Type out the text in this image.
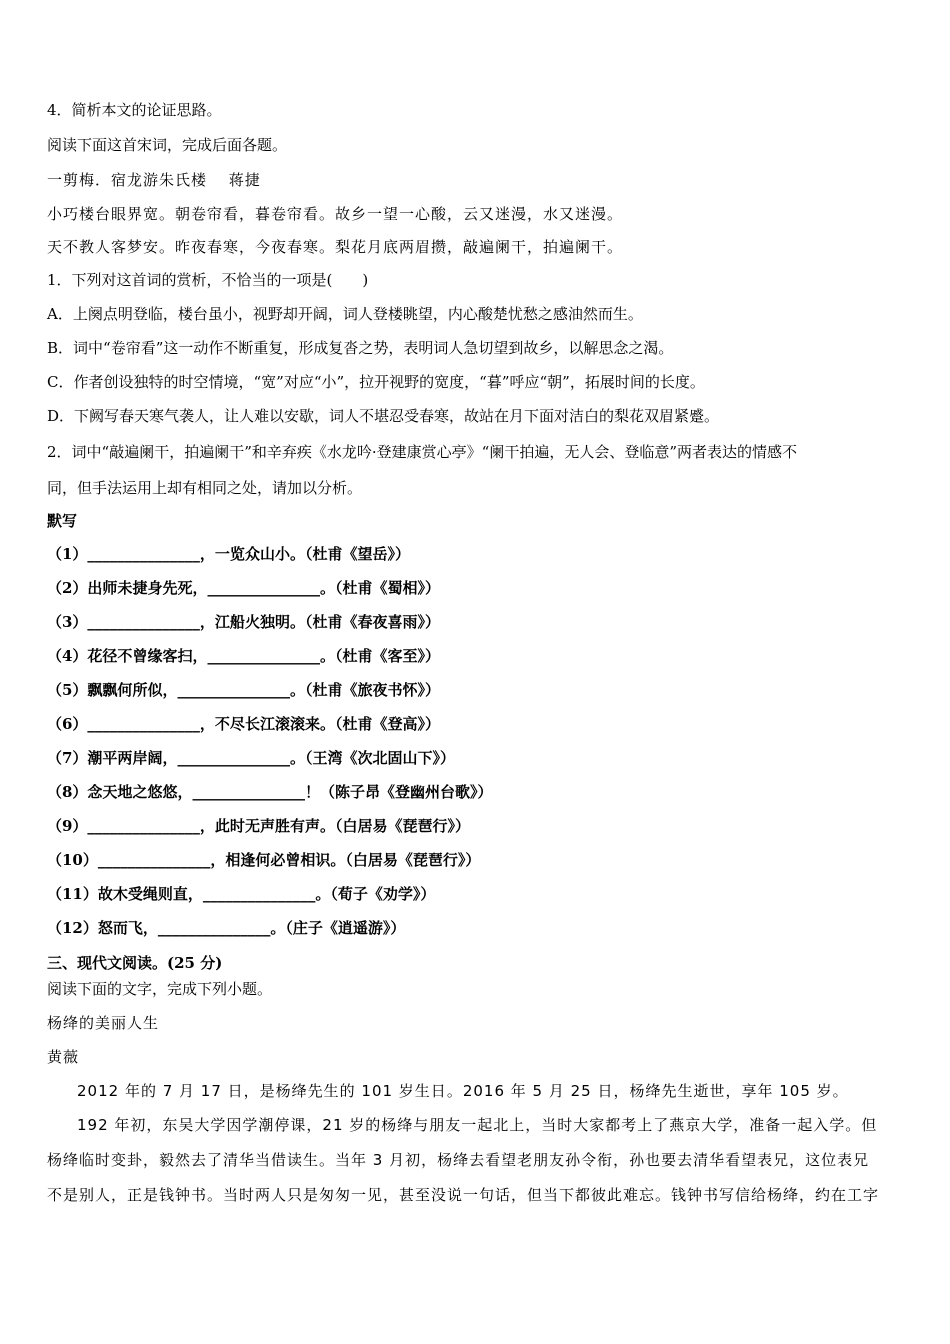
4．简析本文的论证思路。
阅读下面这首宋词，完成后面各题。
一剪梅．宿龙游朱氏楼　 蒋捷
小巧楼台眼界宽。朝卷帘看，暮卷帘看。故乡一望一心酸，云又迷漫，水又迷漫。
天不教人客梦安。昨夜春寒，今夜春寒。梨花月底两眉攒，敲遍阑干，拍遍阑干。
1．下列对这首词的赏析，不恰当的一项是(　　)
A．上阕点明登临，楼台虽小，视野却开阔，词人登楼眺望，内心酸楚忧愁之感油然而生。
B．词中“卷帘看”这一动作不断重复，形成复沓之势，表明词人急切望到故乡，以解思念之渴。
C．作者创设独特的时空情境，“宽”对应“小”，拉开视野的宽度，“暮”呼应“朝”，拓展时间的长度。
D．下阙写春天寒气袭人，让人难以安歇，词人不堪忍受春寒，故站在月下面对洁白的梨花双眉紧蹙。
2．词中“敲遍阑干，拍遍阑干”和辛弃疾《水龙吟·登建康赏心亭》“阑干拍遍，无人会、登临意”两者表达的情感不
同，但手法运用上却有相同之处，请加以分析。
默写
（1）_______________，一览众山小。（杜甫《望岳》）
（2）出师未捷身先死，_______________。（杜甫《蜀相》）
（3）_______________，江船火独明。（杜甫《春夜喜雨》）
（4）花径不曾缘客扫，_______________。（杜甫《客至》）
（5）飘飘何所似，_______________。（杜甫《旅夜书怀》）
（6）_______________，不尽长江滚滚来。（杜甫《登高》）
（7）潮平两岸阔，_______________。（王湾《次北固山下》）
（8）念天地之悠悠，_______________！（陈子昂《登幽州台歌》）
（9）_______________，此时无声胜有声。（白居易《琵琶行》）
（10）_______________，相逢何必曾相识。（白居易《琵琶行》）
（11）故木受绳则直，_______________。（荀子《劝学》）
（12）怒而飞，_______________。（庄子《逍遥游》）
三、现代文阅读。(25 分)
阅读下面的文字，完成下列小题。
杨绛的美丽人生
黄薇
2012 年的 7 月 17 日，是杨绛先生的 101 岁生日。2016 年 5 月 25 日，杨绛先生逝世，享年 105 岁。
192 年初，东吴大学因学潮停课，21 岁的杨绛与朋友一起北上，当时大家都考上了燕京大学，准备一起入学。但
杨绛临时变卦，毅然去了清华当借读生。当年 3 月初，杨绛去看望老朋友孙令衔，孙也要去清华看望表兄，这位表兄
不是别人，正是钱钟书。当时两人只是匆匆一见，甚至没说一句话，但当下都彼此难忘。钱钟书写信给杨绛，约在工字
